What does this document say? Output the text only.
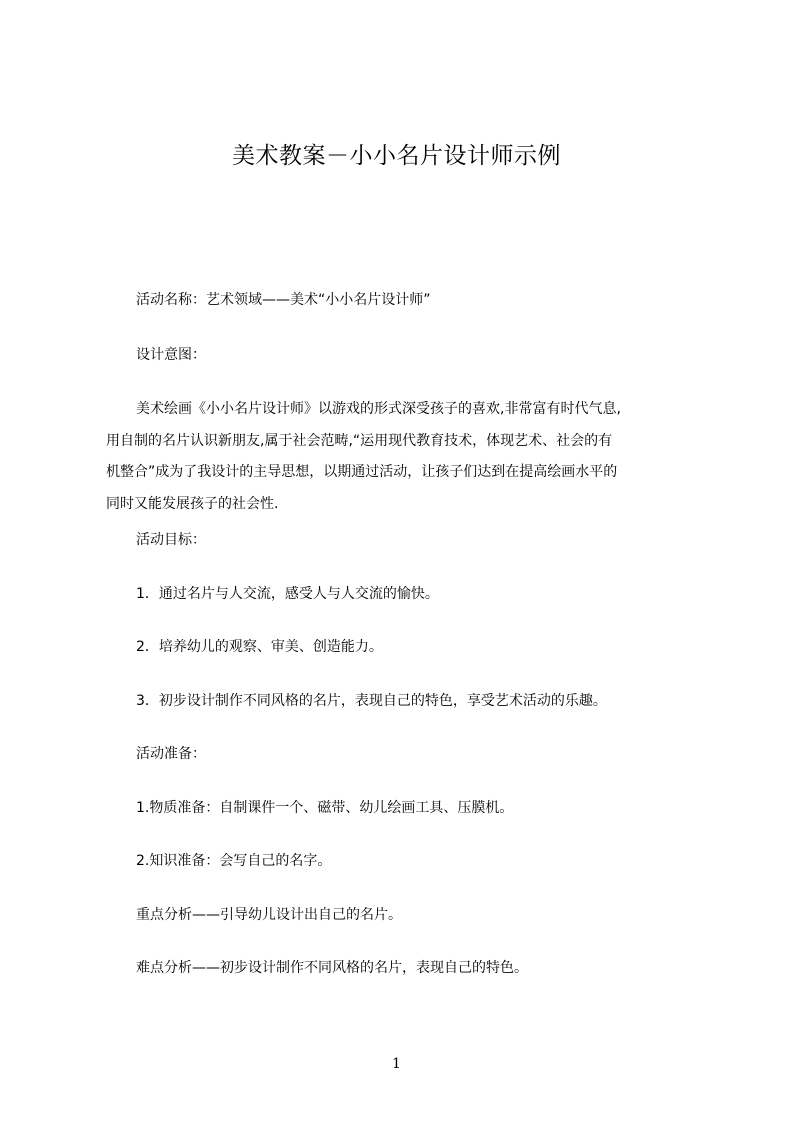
美术教案－小小名片设计师示例
活动名称：艺术领域——美术“小小名片设计师”
设计意图：
美术绘画《小小名片设计师》以游戏的形式深受孩子的喜欢,非常富有时代气息,
用自制的名片认识新朋友,属于社会范畴,“运用现代教育技术，体现艺术、社会的有
机整合”成为了我设计的主导思想，以期通过活动，让孩子们达到在提高绘画水平的
同时又能发展孩子的社会性.
活动目标：
1．通过名片与人交流，感受人与人交流的愉快。
2．培养幼儿的观察、审美、创造能力。
3．初步设计制作不同风格的名片，表现自己的特色，享受艺术活动的乐趣。
活动准备：
1.物质准备：自制课件一个、磁带、幼儿绘画工具、压膜机。
2.知识准备：会写自己的名字。
重点分析——引导幼儿设计出自己的名片。
难点分析——初步设计制作不同风格的名片，表现自己的特色。
1
